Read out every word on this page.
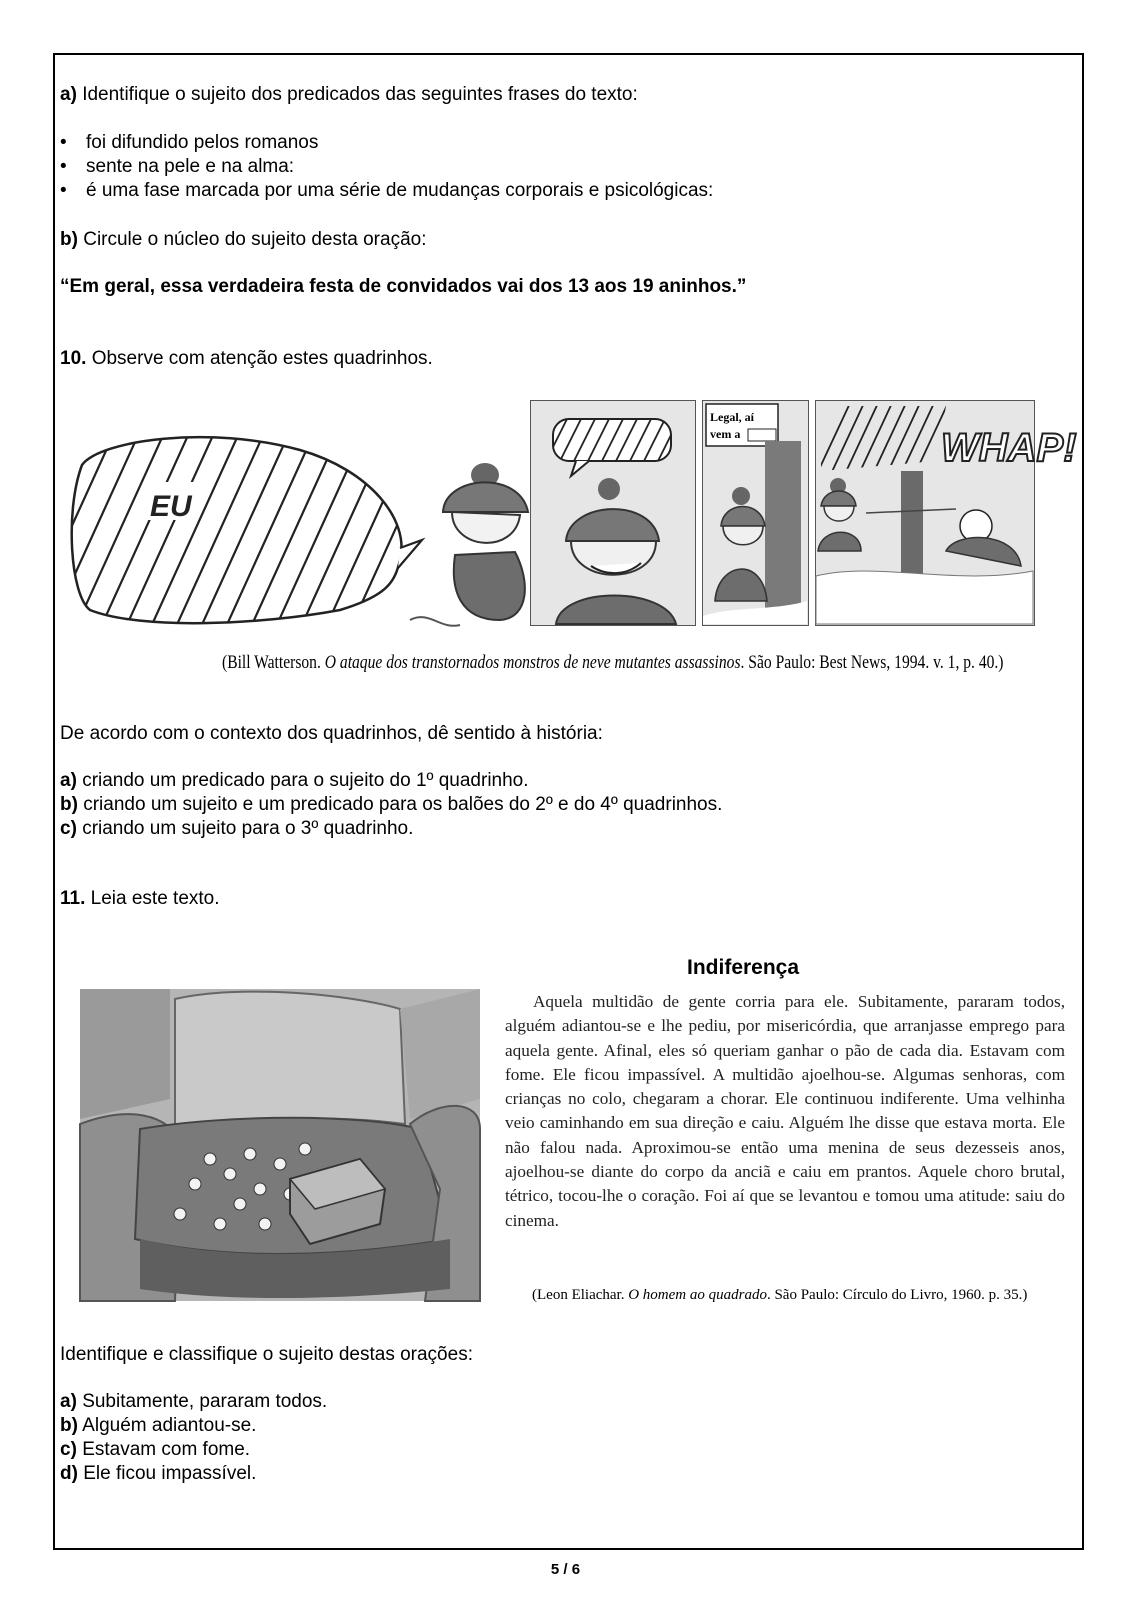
a) Identifique o sujeito dos predicados das seguintes frases do texto:
• foi difundido pelos romanos
• sente na pele e na alma:
• é uma fase marcada por uma série de mudanças corporais e psicológicas:
b) Circule o núcleo do sujeito desta oração:
“Em geral, essa verdadeira festa de convidados vai dos 13 aos 19 aninhos.”
10. Observe com atenção estes quadrinhos.
EU
Legal, aí
vem a	WHAP!
(Bill Watterson. O ataque dos transtornados monstros de neve mutantes assassinos. São Paulo: Best News, 1994. v. 1, p. 40.)
De acordo com o contexto dos quadrinhos, dê sentido à história:
a) criando um predicado para o sujeito do 1º quadrinho.
b) criando um sujeito e um predicado para os balões do 2º e do 4º quadrinhos.
c) criando um sujeito para o 3º quadrinho.
11. Leia este texto.
Indiferença
Aquela multidão de gente corria para ele. Subitamente, pararam todos, alguém adiantou-se e lhe pediu, por misericórdia, que arranjasse emprego para aquela gente. Afinal, eles só queriam ganhar o pão de cada dia. Estavam com fome. Ele ficou impassível. A multidão ajoelhou-se. Algumas senhoras, com crianças no colo, chegaram a chorar. Ele continuou indiferente. Uma velhinha veio caminhando em sua direção e caiu. Alguém lhe disse que estava morta. Ele não falou nada. Aproximou-se então uma menina de seus dezesseis anos, ajoelhou-se diante do corpo da anciã e caiu em prantos. Aquele choro brutal, tétrico, tocou-lhe o coração. Foi aí que se levantou e tomou uma atitude: saiu do cinema.
(Leon Eliachar. O homem ao quadrado. São Paulo: Círculo do Livro, 1960. p. 35.)
Identifique e classifique o sujeito destas orações:
a) Subitamente, pararam todos.
b) Alguém adiantou-se.
c) Estavam com fome.
d) Ele ficou impassível.
5 / 6
